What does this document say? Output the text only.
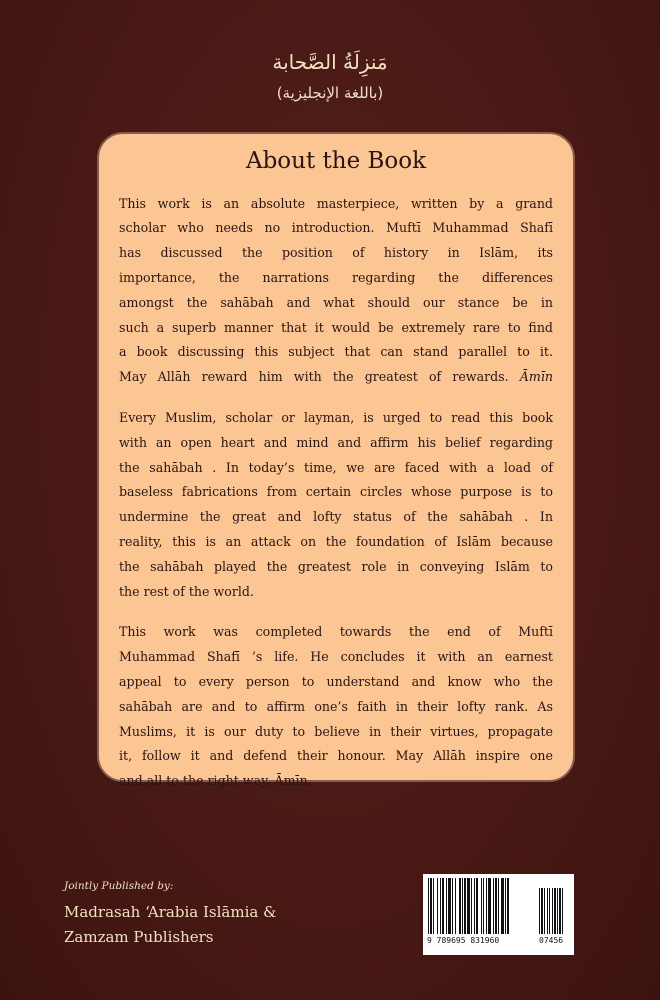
مَنزِلَةُ الصَّحابة
(باللغة الإنجليزية)
About the Book
This work is an absolute masterpiece, written by a grand
scholar who needs no introduction. Muftī Muhammad Shafī
has discussed the position of history in Islām, its
importance, the narrations regarding the differences
amongst the sahābah and what should our stance be in
such a superb manner that it would be extremely rare to find
a book discussing this subject that can stand parallel to it.
May Allāh reward him with the greatest of rewards. Āmīn
Every Muslim, scholar or layman, is urged to read this book
with an open heart and mind and affirm his belief regarding
the sahābah . In today’s time, we are faced with a load of
baseless fabrications from certain circles whose purpose is to
undermine the great and lofty status of the sahābah . In
reality, this is an attack on the foundation of Islām because
the sahābah played the greatest role in conveying Islām to
the rest of the world.
This work was completed towards the end of Muftī
Muhammad Shafī ’s life. He concludes it with an earnest
appeal to every person to understand and know who the
sahābah are and to affirm one’s faith in their lofty rank. As
Muslims, it is our duty to believe in their virtues, propagate
it, follow it and defend their honour. May Allāh inspire one
and all to the right way. Āmīn.
Jointly Published by:
Madrasah ‘Arabia Islāmia &
Zamzam Publishers	9 789695 831960	07456
